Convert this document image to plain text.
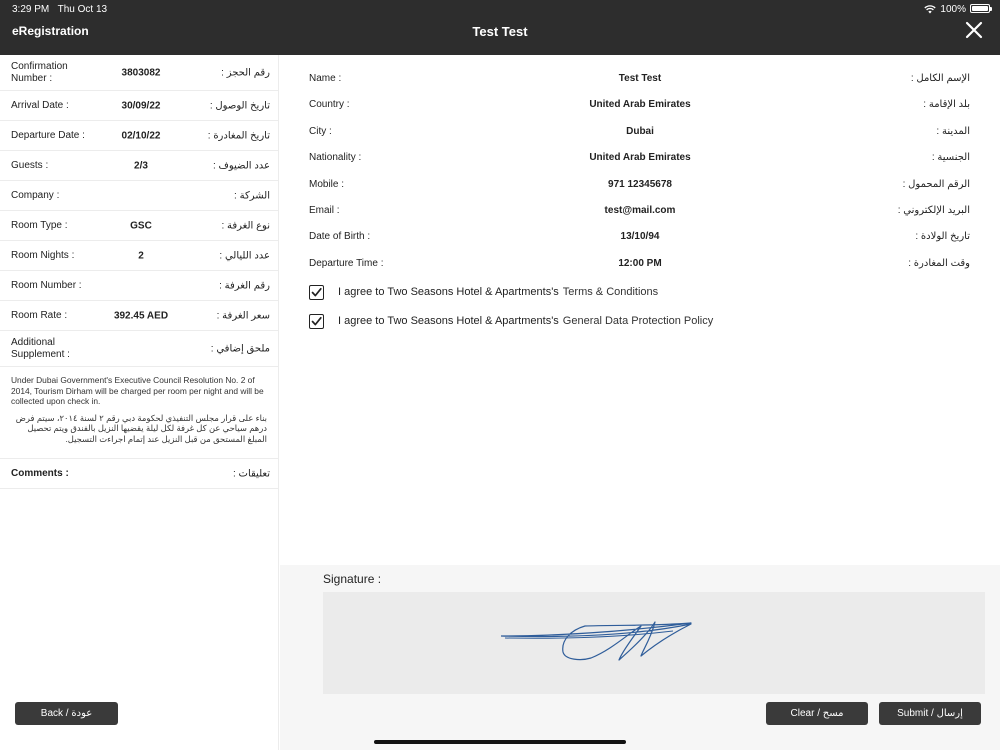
3:29 PM Thu Oct 13	100%
eRegistration	Test Test
Confirmation Number :	3803082	رقم الحجز :
Arrival Date :	30/09/22	تاريخ الوصول :
Departure Date :	02/10/22	تاريخ المغادرة :
Guests :	2/3	عدد الضيوف :
Company :	الشركة :
Room Type :	GSC	نوع الغرفة :
Room Nights :	2	عدد الليالي :
Room Number :	رقم الغرفة :
Room Rate :	392.45 AED	سعر الغرفة :
Additional Supplement :	ملحق إضافي :
Under Dubai Government's Executive Council Resolution No. 2 of 2014, Tourism Dirham will be charged per room per night and will be collected upon check in.
بناء على قرار مجلس التنفيذي لحكومة دبي رقم ٢ لسنة ٢٠١٤، سيتم فرض درهم سياحي عن كل غرفة لكل ليلة يقضيها النزيل بالفندق ويتم تحصيل المبلغ المستحق من قبل النزيل عند إتمام اجراءت التسجيل.
Comments :	تعليقات :
Name :	Test Test	الإسم الكامل :
Country :	United Arab Emirates	بلد الإقامة :
City :	Dubai	المدينة :
Nationality :	United Arab Emirates	الجنسية :
Mobile :	971 12345678	الرقم المحمول :
Email :	test@mail.com	البريد الإلكتروني :
Date of Birth :	13/10/94	تاريخ الولادة :
Departure Time :	12:00 PM	وقت المغادرة :
I agree to Two Seasons Hotel & Apartments's Terms & Conditions
I agree to Two Seasons Hotel & Apartments's General Data Protection Policy
Signature :
Back / عودة	Clear / مسح	Submit / إرسال
